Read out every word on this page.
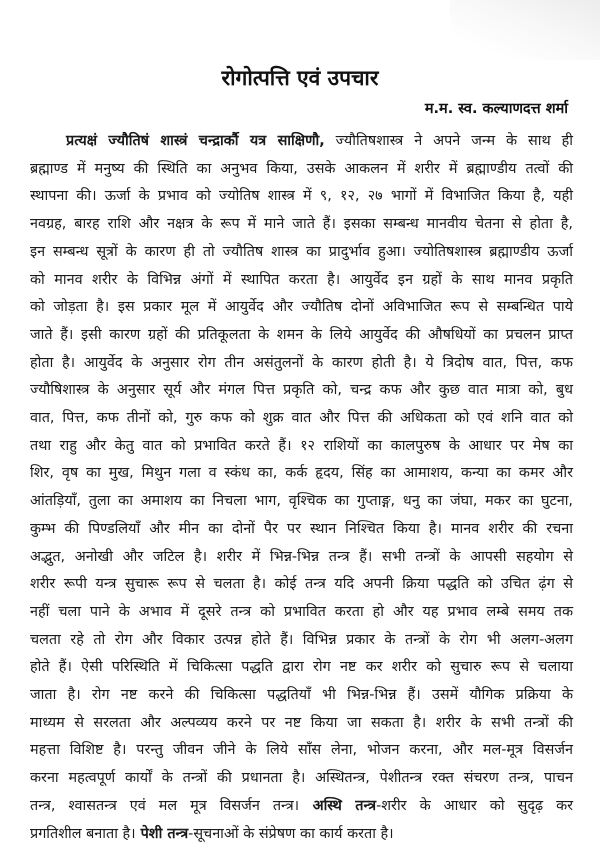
रोगोत्पत्ति एवं उपचार
म.म. स्व. कल्याणदत्त शर्मा
प्रत्यक्षं ज्यौतिषं शास्त्रं चन्द्रार्कौ यत्र साक्षिणौ, ज्यौतिषशास्त्र ने अपने जन्म के साथ ही
ब्रह्माण्ड में मनुष्य की स्थिति का अनुभव किया, उसके आकलन में शरीर में ब्रह्माण्डीय तत्वों की
स्थापना की। ऊर्जा के प्रभाव को ज्योतिष शास्त्र में ९, १२, २७ भागों में विभाजित किया है, यही
नवग्रह, बारह राशि और नक्षत्र के रूप में माने जाते हैं। इसका सम्बन्ध मानवीय चेतना से होता है,
इन सम्बन्ध सूत्रों के कारण ही तो ज्यौतिष शास्त्र का प्रादुर्भाव हुआ। ज्योतिषशास्त्र ब्रह्माण्डीय ऊर्जा
को मानव शरीर के विभिन्न अंगों में स्थापित करता है। आयुर्वेद इन ग्रहों के साथ मानव प्रकृति
को जोड़ता है। इस प्रकार मूल में आयुर्वेद और ज्यौतिष दोनों अविभाजित रूप से सम्बन्धित पाये
जाते हैं। इसी कारण ग्रहों की प्रतिकूलता के शमन के लिये आयुर्वेद की औषधियों का प्रचलन प्राप्त
होता है। आयुर्वेद के अनुसार रोग तीन असंतुलनों के कारण होती है। ये त्रिदोष वात, पित्त, कफ
ज्यौषिशास्त्र के अनुसार सूर्य और मंगल पित्त प्रकृति को, चन्द्र कफ और कुछ वात मात्रा को, बुध
वात, पित्त, कफ तीनों को, गुरु कफ को शुक्र वात और पित्त की अधिकता को एवं शनि वात को
तथा राहु और केतु वात को प्रभावित करते हैं। १२ राशियों का कालपुरुष के आधार पर मेष का
शिर, वृष का मुख, मिथुन गला व स्कंध का, कर्क हृदय, सिंह का आमाशय, कन्या का कमर और
आंतड़ियाँ, तुला का अमाशय का निचला भाग, वृश्चिक का गुप्ताङ्ग, धनु का जंघा, मकर का घुटना,
कुम्भ की पिण्डलियाँ और मीन का दोनों पैर पर स्थान निश्चित किया है। मानव शरीर की रचना
अद्भुत, अनोखी और जटिल है। शरीर में भिन्न-भिन्न तन्त्र हैं। सभी तन्त्रों के आपसी सहयोग से
शरीर रूपी यन्त्र सुचारू रूप से चलता है। कोई तन्त्र यदि अपनी क्रिया पद्धति को उचित ढ़ंग से
नहीं चला पाने के अभाव में दूसरे तन्त्र को प्रभावित करता हो और यह प्रभाव लम्बे समय तक
चलता रहे तो रोग और विकार उत्पन्न होते हैं। विभिन्न प्रकार के तन्त्रों के रोग भी अलग-अलग
होते हैं। ऐसी परिस्थिति में चिकित्सा पद्धति द्वारा रोग नष्ट कर शरीर को सुचारु रूप से चलाया
जाता है। रोग नष्ट करने की चिकित्सा पद्धतियाँ भी भिन्न-भिन्न हैं। उसमें यौगिक प्रक्रिया के
माध्यम से सरलता और अल्पव्यय करने पर नष्ट किया जा सकता है। शरीर के सभी तन्त्रों की
महत्ता विशिष्ट है। परन्तु जीवन जीने के लिये साँस लेना, भोजन करना, और मल-मूत्र विसर्जन
करना महत्वपूर्ण कार्यों के तन्त्रों की प्रधानता है। अस्थितन्त्र, पेशीतन्त्र रक्त संचरण तन्त्र, पाचन
तन्त्र, श्वासतन्त्र एवं मल मूत्र विसर्जन तन्त्र। अस्थि तन्त्र-शरीर के आधार को सुदृढ़ कर
प्रगतिशील बनाता है। पेशी तन्त्र-सूचनाओं के संप्रेषण का कार्य करता है।
